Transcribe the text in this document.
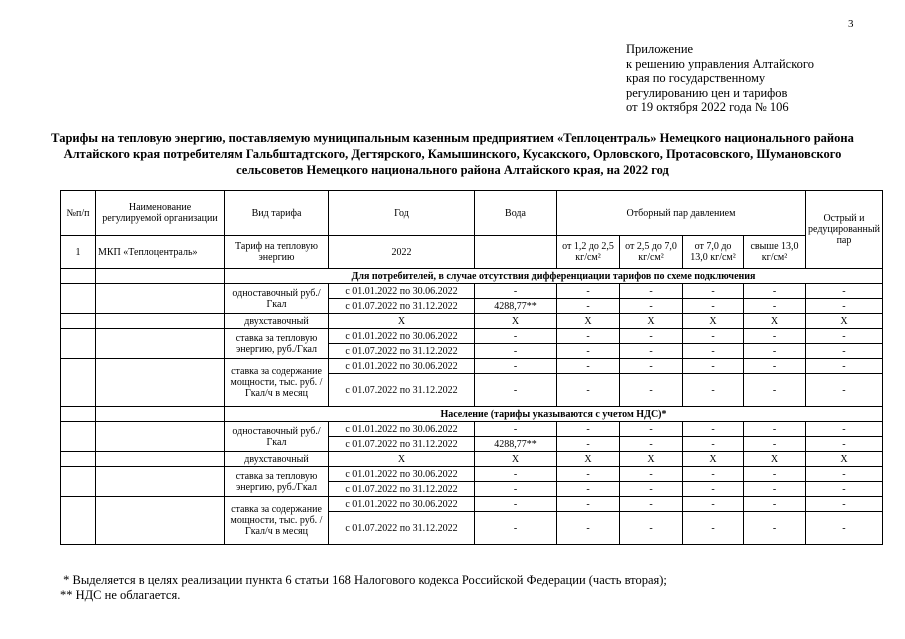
3
Приложение
к решению управления Алтайского
края по государственному
регулированию цен и тарифов
от 19 октября 2022 года № 106
Тарифы на тепловую энергию, поставляемую муниципальным казенным предприятием «Теплоцентраль» Немецкого национального района Алтайского края потребителям Гальбштадтского, Дегтярского, Камышинского, Кусакского, Орловского, Протасовского, Шумановского сельсоветов Немецкого национального района Алтайского края, на 2022 год
№п/п	Наименование регулируемой организации	Вид тарифа	Год	Вода	Отборный пар давлением				Острый и редуцированный пар
1	МКП «Теплоцентраль»	Тариф на тепловую энергию	2022		от 1,2 до 2,5 кг/см²	от 2,5 до 7,0 кг/см²	от 7,0 до 13,0 кг/см²	свыше 13,0 кг/см²	
		Для потребителей, в случае отсутствия дифференциации тарифов по схеме подключения							
		одноставочный руб./Гкал	с 01.01.2022 по 30.06.2022	-	-	-	-	-	-
			с 01.07.2022 по 31.12.2022	4288,77**	-	-	-	-	-
		двухставочный	X	X	X	X	X	X	X
		ставка за тепловую энергию, руб./Гкал	с 01.01.2022 по 30.06.2022	-	-	-	-	-	-
			с 01.07.2022 по 31.12.2022	-	-	-	-	-	-
		ставка за содержание мощности, тыс. руб. /Гкал/ч в месяц	с 01.01.2022 по 30.06.2022	-	-	-	-	-	-
			с 01.07.2022 по 31.12.2022	-	-	-	-	-	-
		Население (тарифы указываются с учетом НДС)*							
		одноставочный руб./Гкал	с 01.01.2022 по 30.06.2022	-	-	-	-	-	-
			с 01.07.2022 по 31.12.2022	4288,77**	-	-	-	-	-
		двухставочный	X	X	X	X	X	X	X
		ставка за тепловую энергию, руб./Гкал	с 01.01.2022 по 30.06.2022	-	-	-	-	-	-
			с 01.07.2022 по 31.12.2022	-	-	-	-	-	-
		ставка за содержание мощности, тыс. руб. /Гкал/ч в месяц	с 01.01.2022 по 30.06.2022	-	-	-	-	-	-
			с 01.07.2022 по 31.12.2022	-	-	-	-	-	-
* Выделяется в целях реализации пункта 6 статьи 168 Налогового кодекса Российской Федерации (часть вторая);
** НДС не облагается.
